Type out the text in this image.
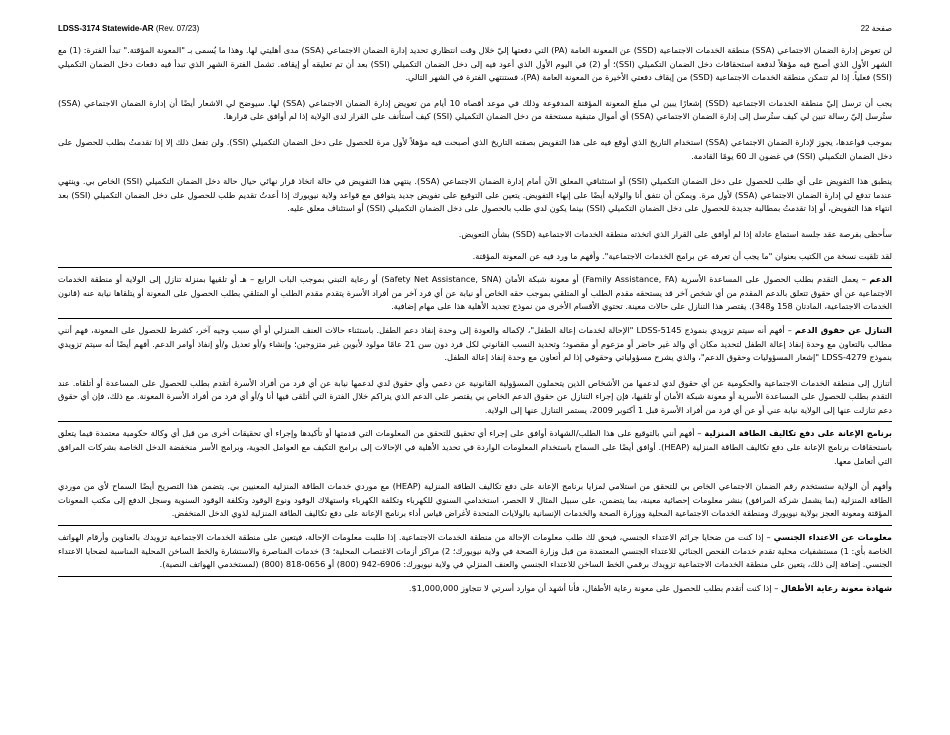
LDSS-3174 Statewide-AR (Rev. 07/23)	صفحة 22

لن تعوض إدارة الضمان الاجتماعي (SSA) منطقة الخدمات الاجتماعية (SSD) عن المعونة العامة (PA) التي دفعتها إليّ خلال وقت انتظاري تحديد إدارة الضمان الاجتماعي (SSA) مدى أهليتي لها. وهذا ما يُسمى بـ "المعونة المؤقتة." تبدأ الفترة: (1) مع الشهر الأول الذي أصبح فيه مؤهلاً لدفعة استحقاقات دخل الضمان التكميلي (SSI)؛ أو (2) في اليوم الأول الذي أعود فيه إلى دخل الضمان التكميلي (SSI) بعد أن تم تعليقه أو إيقافه. تشمل الفترة الشهر الذي تبدأ فيه دفعات دخل الضمان التكميلي (SSI) فعلياً. إذا لم تتمكن منطقة الخدمات الاجتماعية (SSD) من إيقاف دفعتي الأخيرة من المعونة العامة (PA)، فستنتهي الفترة في الشهر التالي.

يجب أن ترسل إليّ منطقة الخدمات الاجتماعية (SSD) إشعارًا يبين لي مبلغ المعونة المؤقتة المدفوعة وذلك في موعد أقصاه 10 أيام من تعويض إدارة الضمان الاجتماعي (SSA) لها. سيوضح لي الاشعار أيضًا أن إدارة الضمان الاجتماعي (SSA) ستُرسل إليّ رسالة تبين لي كيف ستُرسل إلى إدارة الضمان الاجتماعي (SSA) أي أموال متبقية مستحقة من دخل الضمان التكميلي (SSI) كيف أستأنف على القرار لدى الولاية إذا لم أوافق على قرارها.

بموجب قواعدها، يجوز لإدارة الضمان الاجتماعي (SSA) استخدام التاريخ الذي أوقع فيه على هذا التفويض بصفته التاريخ الذي أصبحت فيه مؤهلاً لأول مرة للحصول على دخل الضمان التكميلي (SSI). ولن تفعل ذلك إلا إذا تقدمتُ بطلب للحصول على دخل الضمان التكميلي (SSI) في غضون الـ 60 يومًا القادمة.

ينطبق هذا التفويض على أي طلب للحصول على دخل الضمان التكميلي (SSI) أو استئنافي المعلق الآن أمام إدارة الضمان الاجتماعي (SSA). ينتهي هذا التفويض في حالة اتخاذ قرار نهائي حيال حالة دخل الضمان التكميلي (SSI) الخاص بي. وينتهي عندما تدفع لي إدارة الضمان الاجتماعي (SSA) لأول مرة. ويمكن أن نتفق أنا والولاية أيضًا على إنهاء التفويض. يتعين على التوقيع على تفويض جديد يتوافق مع قواعد ولاية نيويورك إذا أعدتُ تقديم طلب للحصول على دخل الضمان التكميلي (SSI) بعد انتهاء هذا التفويض، أو إذا تقدمتُ بمطالبة جديدة للحصول على دخل الضمان التكميلي (SSI) بينما يكون لدي طلب بالحصول على دخل الضمان التكميلي (SSI) أو استئناف معلق عليه.

سأحظى بفرصة عقد جلسة استماع عادلة إذا لم أوافق على القرار الذي اتخذته منطقة الخدمات الاجتماعية (SSD) بشأن التعويض.

لقد تلقيت نسخة من الكتيب بعنوان "ما يجب أن تعرفه عن برامج الخدمات الاجتماعية". وأفهم ما ورد فيه عن المعونة المؤقتة.

الدعم – يعمل التقدم بطلب الحصول على المساعدة الأسرية (Family Assistance, FA) أو معونة شبكة الأمان (Safety Net Assistance, SNA) أو رعاية التبني بموجب الباب الرابع – هـ أو تلقيها بمنزلة تنازل إلى الولاية أو منطقة الخدمات الاجتماعية عن أي حقوق تتعلق بالدعم المقدم من أي شخص آخر قد يستحقه مقدم الطلب أو المتلقي بموجب حقه الخاص أو نيابة عن أي فرد آخر من أفراد الأسرة يتقدم مقدم الطلب أو المتلقي بطلب الحصول على المعونة أو يتلقاها نيابة عنه (قانون الخدمات الاجتماعية، المادتان 158 و348). يقتصر هذا التنازل على حالات معينة. تحتوي الأقسام الأخرى من نموذج تجديد الأهلية هذا على مهام إضافية.

التنازل عن حقوق الدعم – أفهم أنه سيتم تزويدي بنموذج LDSS-5145 "الإحالة لخدمات إعالة الطفل"، لإكماله والعودة إلى وحدة إنفاذ دعم الطفل. باستثناء حالات العنف المنزلي أو أي سبب وجيه آخر، كشرط للحصول على المعونة، فهم أنني مطالب بالتعاون مع وحدة إنفاذ إعالة الطفل لتحديد مكان أي والد غير حاضر أو مزعوم أو مقصود؛ وتحديد النسب القانوني لكل فرد دون سن 21 عامًا مولود لأبوين غير متزوجين؛ وإنشاء و/أو تعديل و/أو إنفاذ أوامر الدعم. أفهم أيضًا أنه سيتم تزويدي بنموذج LDSS-4279 "إشعار المسؤوليات وحقوق الدعم"، والذي يشرح مسؤولياتي وحقوقي إذا لم أتعاون مع وحدة إنفاذ إعالة الطفل.

أتنازل إلى منطقة الخدمات الاجتماعية والحكومية عن أي حقوق لدي لدعمها من الأشخاص الذين يتحملون المسؤولية القانونية عن دعمي وأي حقوق لدي لدعمها نيابة عن أي فرد من أفراد الأسرة أتقدم بطلب للحصول على المساعدة أو أتلقاه. عند التقدم بطلب للحصول على المساعدة الأسرية أو معونة شبكة الأمان أو تلقيها، فإن إجراء التنازل عن حقوق الدعم الخاص بي يقتصر على الدعم الذي يتراكم خلال الفترة التي أتلقى فيها أنا و/أو أي فرد من أفراد الأسرة المعونة. مع ذلك، فإن أي حقوق دعم تنازلت عنها إلى الولاية نيابة عني أو عن أي فرد من أفراد الأسرة قبل 1 أكتوبر 2009، يستمر التنازل عنها إلى الولاية.

برنامج الإعانة على دفع تكاليف الطاقة المنزلية – أفهم أنني بالتوقيع على هذا الطلب/الشهادة أوافق على إجراء أي تحقيق للتحقق من المعلومات التي قدمتها أو تأكيدها وإجراء أي تحقيقات أخرى من قبل أي وكالة حكومية معتمدة فيما يتعلق باستحقاقات برنامج الإعانة على دفع تكاليف الطاقة المنزلية (HEAP). أوافق أيضًا على السماح باستخدام المعلومات الواردة في تحديد الأهلية في الإحالات إلى برامج التكيف مع العوامل الجوية، وبرامج الأسر منخفضة الدخل الخاصة بشركات المرافق التي أتعامل معها.

وأفهم أن الولاية ستستخدم رقم الضمان الاجتماعي الخاص بي للتحقق من استلامي لمزايا برنامج الإعانة على دفع تكاليف الطاقة المنزلية (HEAP) مع موردي خدمات الطاقة المنزلية المعنيين بي. يتضمن هذا التصريح أيضًا السماح لأي من موردي الطاقة المنزلية (بما يشمل شركة المرافق) بنشر معلومات إحصائية معينة، بما يتضمن، على سبيل المثال لا الحصر، استخدامي السنوي للكهرباء وتكلفة الكهرباء واستهلاك الوقود ونوع الوقود وتكلفة الوقود السنوية وسجل الدفع إلى مكتب المعونات المؤقتة ومعونة العجز بولاية نيويورك ومنطقة الخدمات الاجتماعية المحلية ووزارة الصحة والخدمات الإنسانية بالولايات المتحدة لأغراض قياس أداء برنامج الإعانة على دفع تكاليف الطاقة المنزلية لذوي الدخل المنخفض.

معلومات عن الاعتداء الجنسي – إذا كنت من ضحايا جرائم الاعتداء الجنسي، فيحق لك طلب معلومات الإحالة من منطقة الخدمات الاجتماعية. إذا طلبت معلومات الإحالة، فيتعين على منطقة الخدمات الاجتماعية تزويدك بالعناوين وأرقام الهواتف الخاصة بأي: 1) مستشفيات محلية تقدم خدمات الفحص الجنائي للاعتداء الجنسي المعتمدة من قبل وزارة الصحة في ولاية نيويورك؛ 2) مراكز أزمات الاغتصاب المحلية؛ 3) خدمات المناصرة والاستشارة والخط الساخن المحلية المناسبة لضحايا الاعتداء الجنسي. إضافة إلى ذلك، يتعين على منطقة الخدمات الاجتماعية تزويدك برقمي الخط الساخن للاعتداء الجنسي والعنف المنزلي في ولاية نيويورك: 6906-942 (800) أو 0656-818 (800) (لمستخدمي الهواتف النصية).

شهادة معونة رعاية الأطفال – إذا كنت أتقدم بطلب للحصول على معونة رعاية الأطفال، فأنا أشهد أن موارد أسرتي لا تتجاوز 1,000,000$.
